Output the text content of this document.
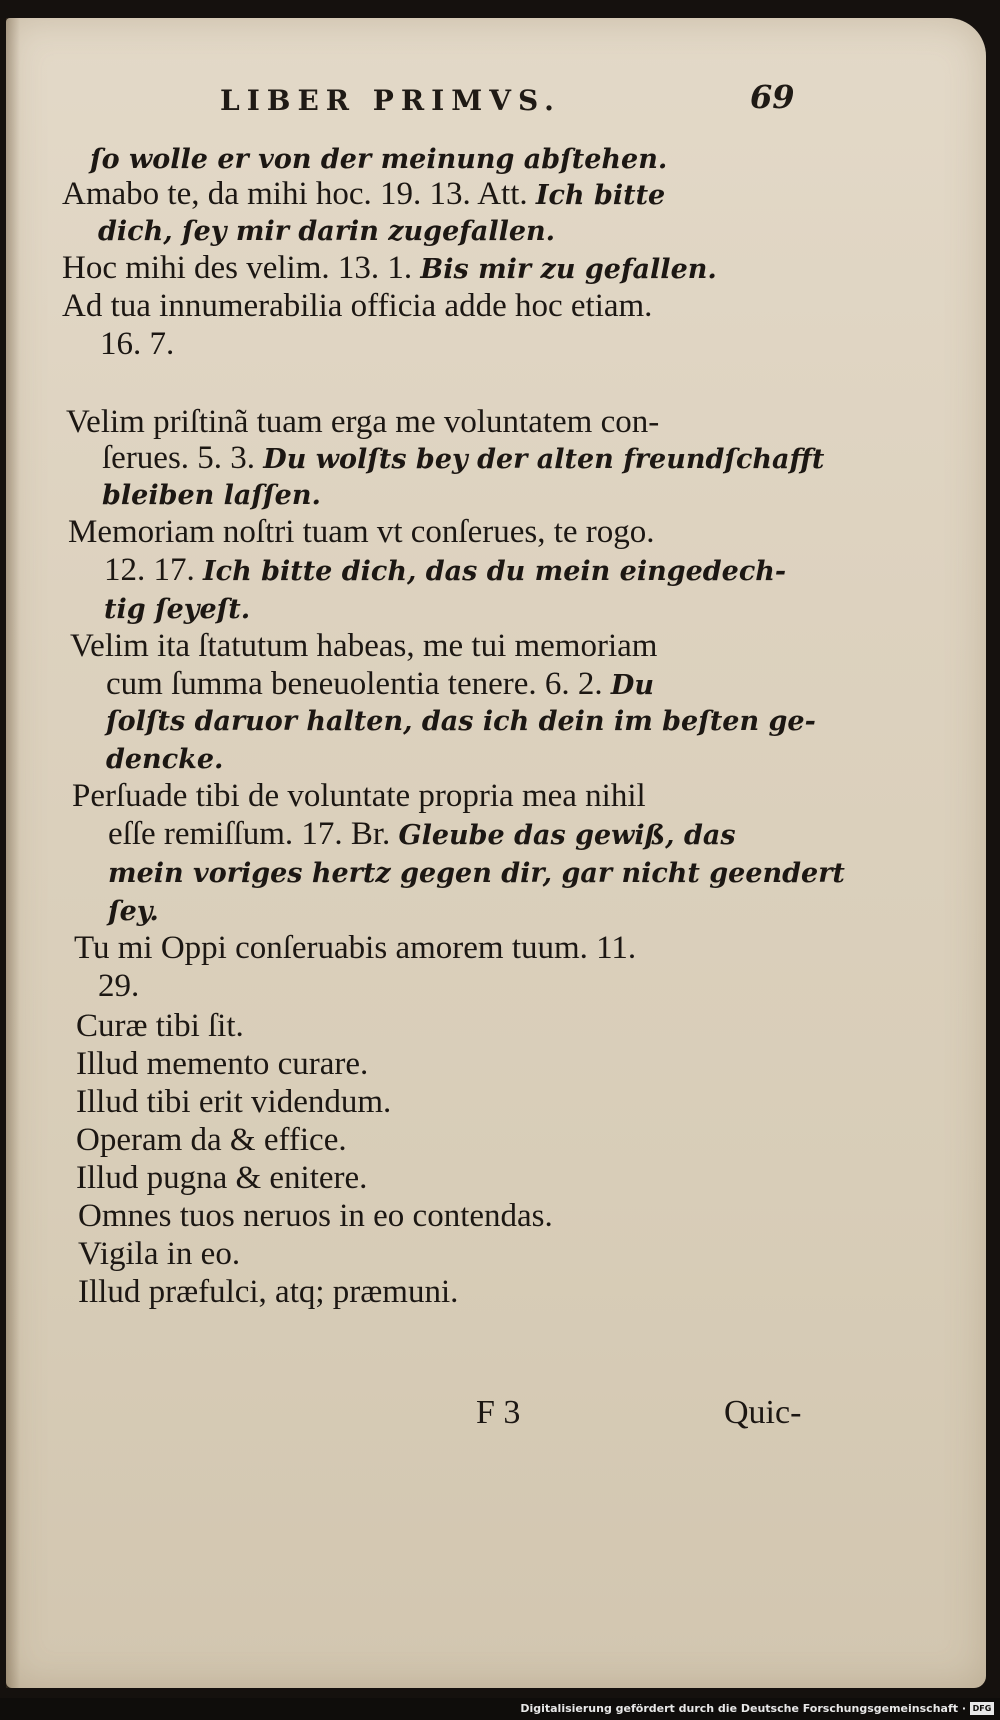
LIBER PRIMVS.	69
ſo wolle er von der meinung abſtehen.
Amabo te, da mihi hoc. 19. 13. Att. Ich bitte
dich, ſey mir darin zugefallen.
Hoc mihi des velim. 13. 1. Bis mir zu gefallen.
Ad tua innumerabilia officia adde hoc etiam.
16. 7.
Velim priſtinã tuam erga me voluntatem con-
ſerues. 5. 3. Du wolſts bey der alten freundſchafft
bleiben laſſen.
Memoriam noſtri tuam vt conſerues, te rogo.
12. 17. Ich bitte dich, das du mein eingedech-
tig ſeyeſt.
Velim ita ſtatutum habeas, me tui memoriam
cum ſumma beneuolentia tenere. 6. 2. Du
ſolſts daruor halten, das ich dein im beſten ge-
dencke.
Perſuade tibi de voluntate propria mea nihil
eſſe remiſſum. 17. Br. Gleube das gewiß, das
mein voriges hertz gegen dir, gar nicht geendert
ſey.
Tu mi Oppi conſeruabis amorem tuum. 11.
29.
Curæ tibi ſit.
Illud memento curare.
Illud tibi erit videndum.
Operam da & effice.
Illud pugna & enitere.
Omnes tuos neruos in eo contendas.
Vigila in eo.
Illud præfulci, atq; præmuni.
F 3	Quic-
Digitalisierung gefördert durch die Deutsche Forschungsgemeinschaft · DFG
